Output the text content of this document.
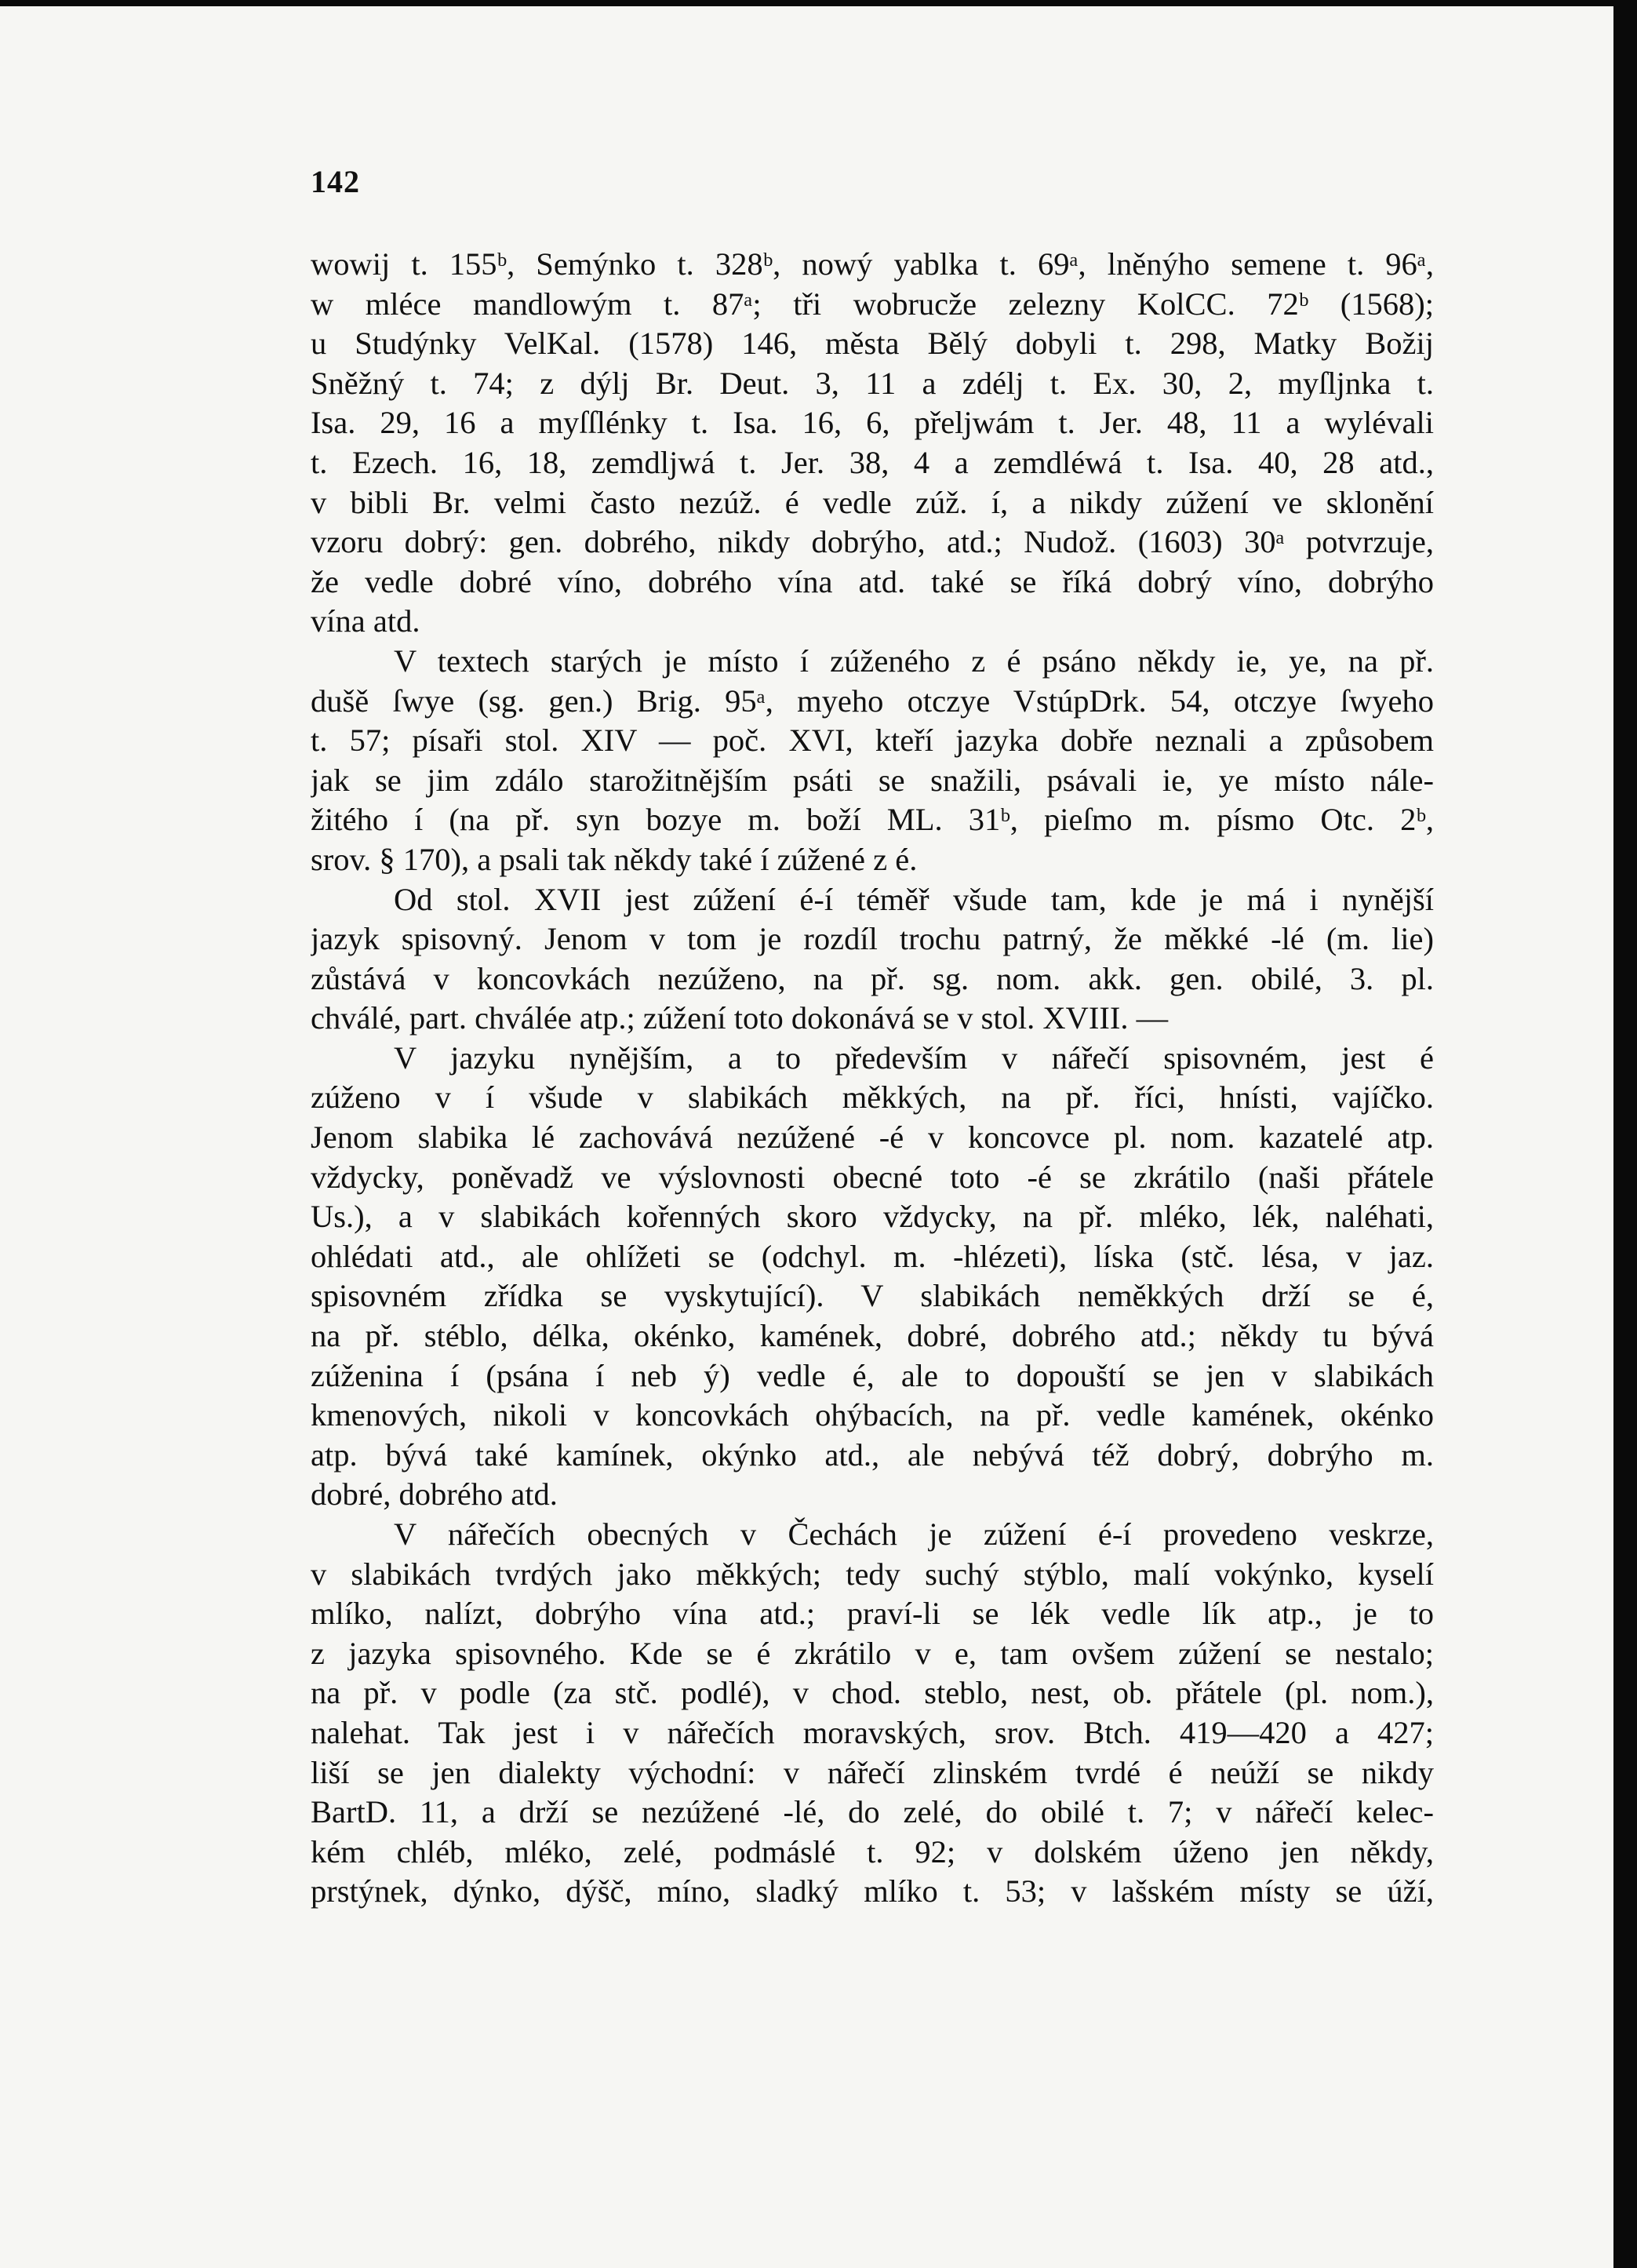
142
wowij t. 155ᵇ, Semýnko t. 328ᵇ, nowý yablka t. 69ᵃ, lněnýho semene t. 96ᵃ,
w mléce mandlowým t. 87ᵃ; tři wobrucže zelezny KolCC. 72ᵇ (1568);
u Studýnky VelKal. (1578) 146, města Bělý dobyli t. 298, Matky Božij
Sněžný t. 74; z dýlj Br. Deut. 3, 11 a zdélj t. Ex. 30, 2, myſljnka t.
Isa. 29, 16 a myſſlénky t. Isa. 16, 6, přeljwám t. Jer. 48, 11 a wylévali
t. Ezech. 16, 18, zemdljwá t. Jer. 38, 4 a zemdléwá t. Isa. 40, 28 atd.,
v bibli Br. velmi často nezúž. é vedle zúž. í, a nikdy zúžení ve sklonění
vzoru dobrý: gen. dobrého, nikdy dobrýho, atd.; Nudož. (1603) 30ᵃ potvrzuje,
že vedle dobré víno, dobrého vína atd. také se říká dobrý víno, dobrýho
vína atd.
V textech starých je místo í zúženého z é psáno někdy ie, ye, na př.
dušě ſwye (sg. gen.) Brig. 95ᵃ, myeho otczye VstúpDrk. 54, otczye ſwyeho
t. 57; písaři stol. XIV — poč. XVI, kteří jazyka dobře neznali a způsobem
jak se jim zdálo starožitnějším psáti se snažili, psávali ie, ye místo nále-
žitého í (na př. syn bozye m. boží ML. 31ᵇ, pieſmo m. písmo Otc. 2ᵇ,
srov. § 170), a psali tak někdy také í zúžené z é.
Od stol. XVII jest zúžení é-í téměř všude tam, kde je má i nynější
jazyk spisovný. Jenom v tom je rozdíl trochu patrný, že měkké -lé (m. lie)
zůstává v koncovkách nezúženo, na př. sg. nom. akk. gen. obilé, 3. pl.
chválé, part. chválée atp.; zúžení toto dokonává se v stol. XVIII. —
V jazyku nynějším, a to především v nářečí spisovném, jest é
zúženo v í všude v slabikách měkkých, na př. říci, hnísti, vajíčko.
Jenom slabika lé zachovává nezúžené -é v koncovce pl. nom. kazatelé atp.
vždycky, poněvadž ve výslovnosti obecné toto -é se zkrátilo (naši přátele
Us.), a v slabikách kořenných skoro vždycky, na př. mléko, lék, naléhati,
ohlédati atd., ale ohlížeti se (odchyl. m. -hlézeti), líska (stč. lésa, v jaz.
spisovném zřídka se vyskytující). V slabikách neměkkých drží se é,
na př. stéblo, délka, okénko, kamének, dobré, dobrého atd.; někdy tu bývá
zúženina í (psána í neb ý) vedle é, ale to dopouští se jen v slabikách
kmenových, nikoli v koncovkách ohýbacích, na př. vedle kamének, okénko
atp. bývá také kamínek, okýnko atd., ale nebývá též dobrý, dobrýho m.
dobré, dobrého atd.
V nářečích obecných v Čechách je zúžení é-í provedeno veskrze,
v slabikách tvrdých jako měkkých; tedy suchý stýblo, malí vokýnko, kyselí
mlíko, nalízt, dobrýho vína atd.; praví-li se lék vedle lík atp., je to
z jazyka spisovného. Kde se é zkrátilo v e, tam ovšem zúžení se nestalo;
na př. v podle (za stč. podlé), v chod. steblo, nest, ob. přátele (pl. nom.),
nalehat. Tak jest i v nářečích moravských, srov. Btch. 419—420 a 427;
liší se jen dialekty východní: v nářečí zlinském tvrdé é neúží se nikdy
BartD. 11, a drží se nezúžené -lé, do zelé, do obilé t. 7; v nářečí kelec-
kém chléb, mléko, zelé, podmáslé t. 92; v dolském úženo jen někdy,
prstýnek, dýnko, dýšč, míno, sladký mlíko t. 53; v lašském místy se úží,
